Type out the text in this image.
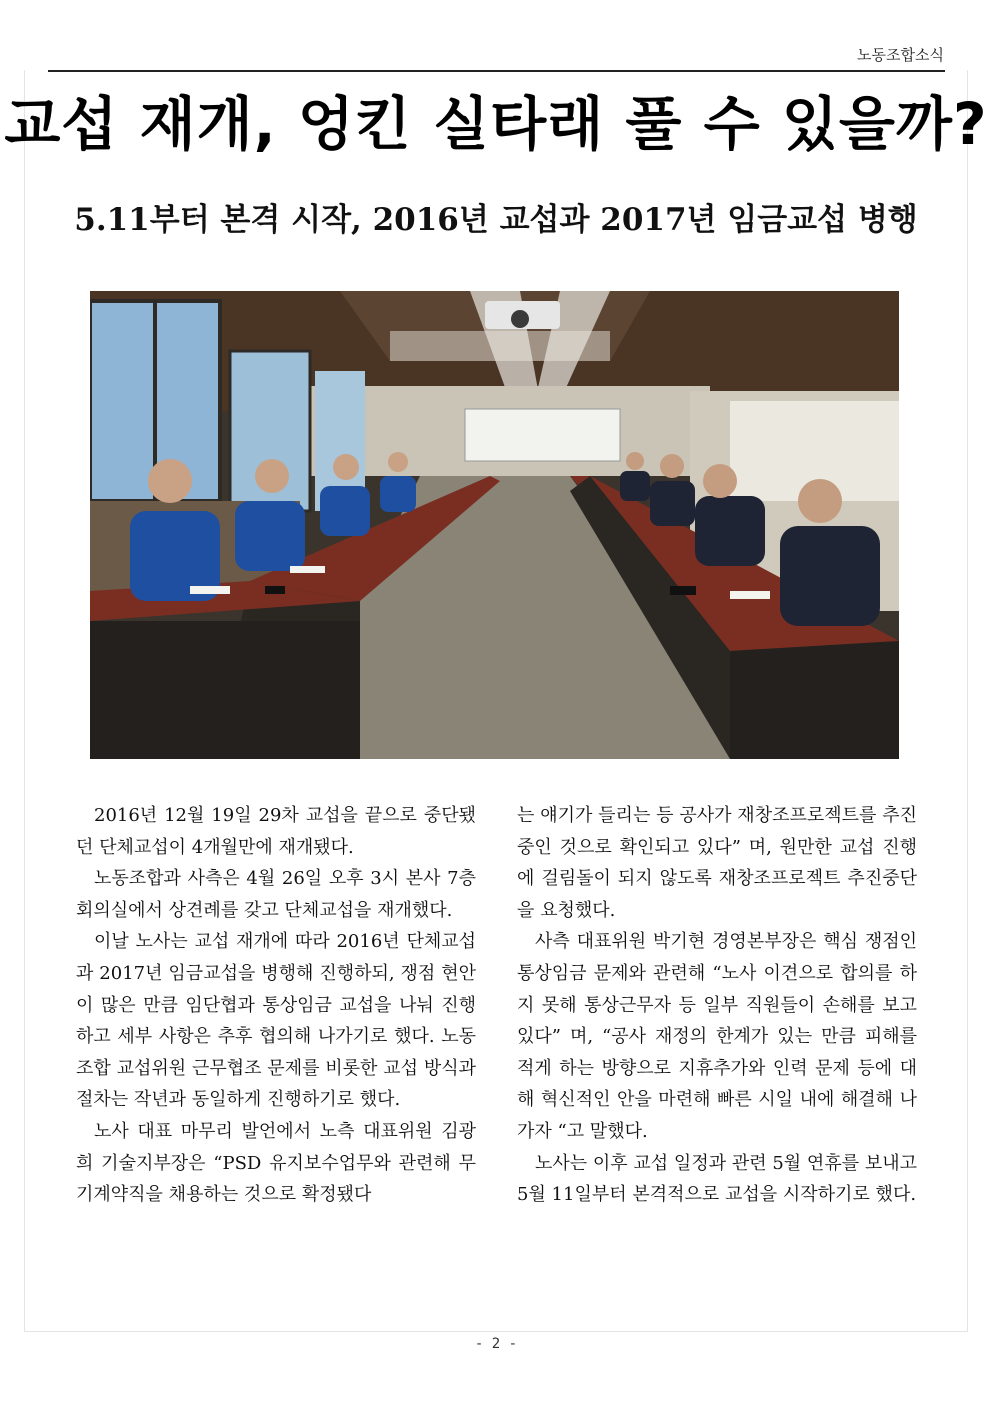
노동조합소식
교섭 재개, 엉킨 실타래 풀 수 있을까?
5.11부터 본격 시작, 2016년 교섭과 2017년 임금교섭 병행

2016년 12월 19일 29차 교섭을 끝으로 중단됐던 단체교섭이 4개월만에 재개됐다.

노동조합과 사측은 4월 26일 오후 3시 본사 7층 회의실에서 상견례를 갖고 단체교섭을 재개했다.

이날 노사는 교섭 재개에 따라 2016년 단체교섭과 2017년 임금교섭을 병행해 진행하되, 쟁점 현안이 많은 만큼 임단협과 통상임금 교섭을 나눠 진행하고 세부 사항은 추후 협의해 나가기로 했다. 노동조합 교섭위원 근무협조 문제를 비롯한 교섭 방식과 절차는 작년과 동일하게 진행하기로 했다.

노사 대표 마무리 발언에서 노측 대표위원 김광희 기술지부장은 “PSD 유지보수업무와 관련해 무기계약직을 채용하는 것으로 확정됐다

는 얘기가 들리는 등 공사가 재창조프로젝트를 추진 중인 것으로 확인되고 있다” 며, 원만한 교섭 진행에 걸림돌이 되지 않도록 재창조프로젝트 추진중단을 요청했다.

사측 대표위원 박기현 경영본부장은 핵심 쟁점인 통상임금 문제와 관련해 “노사 이견으로 합의를 하지 못해 통상근무자 등 일부 직원들이 손해를 보고 있다” 며, “공사 재정의 한계가 있는 만큼 피해를 적게 하는 방향으로 지휴추가와 인력 문제 등에 대해 혁신적인 안을 마련해 빠른 시일 내에 해결해 나가자 “고 말했다.

노사는 이후 교섭 일정과 관련 5월 연휴를 보내고 5월 11일부터 본격적으로 교섭을 시작하기로 했다.

- 2 -
